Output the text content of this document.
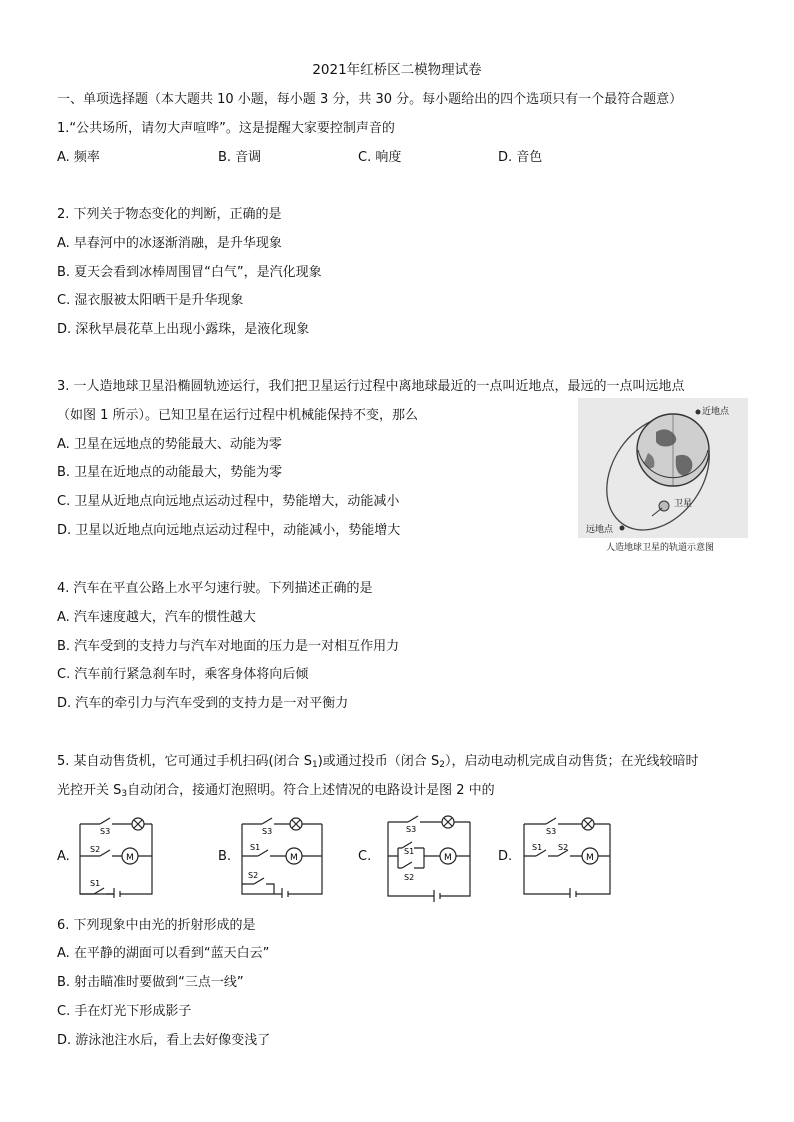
2021年红桥区二模物理试卷
一、单项选择题（本大题共 10 小题，每小题 3 分，共 30 分。每小题给出的四个选项只有一个最符合题意）
1.“公共场所，请勿大声喧哗”。这是提醒大家要控制声音的
A. 频率	B. 音调	C. 响度	D. 音色
2. 下列关于物态变化的判断，正确的是
A. 早春河中的冰逐渐消融，是升华现象
B. 夏天会看到冰棒周围冒“白气”，是汽化现象
C. 湿衣服被太阳晒干是升华现象
D. 深秋早晨花草上出现小露珠，是液化现象
3. 一人造地球卫星沿椭圆轨迹运行，我们把卫星运行过程中离地球最近的一点叫近地点，最远的一点叫远地点
（如图 1 所示）。已知卫星在运行过程中机械能保持不变，那么
A. 卫星在远地点的势能最大、动能为零
B. 卫星在近地点的动能最大，势能为零
C. 卫星从近地点向远地点运动过程中，势能增大，动能减小
D. 卫星以近地点向远地点运动过程中，动能减小，势能增大
近地点
卫星
远地点
人造地球卫星的轨道示意图
4. 汽车在平直公路上水平匀速行驶。下列描述正确的是
A. 汽车速度越大，汽车的惯性越大
B. 汽车受到的支持力与汽车对地面的压力是一对相互作用力
C. 汽车前行紧急刹车时，乘客身体将向后倾
D. 汽车的牵引力与汽车受到的支持力是一对平衡力
5. 某自动售货机，它可通过手机扫码(闭合 $S_1$)或通过投币（闭合 $S_2$），启动电动机完成自动售货；在光线较暗时
光控开关 $S_3$自动闭合，接通灯泡照明。符合上述情况的电路设计是图 2 中的
A.
S3
S2
M
S1
B.
S3
S1
M
S2
C.
S3
S1
M
S2
D.
S3
S1 S2
M
6. 下列现象中由光的折射形成的是
A. 在平静的湖面可以看到“蓝天白云”
B. 射击瞄准时要做到“三点一线”
C. 手在灯光下形成影子
D. 游泳池注水后，看上去好像变浅了
